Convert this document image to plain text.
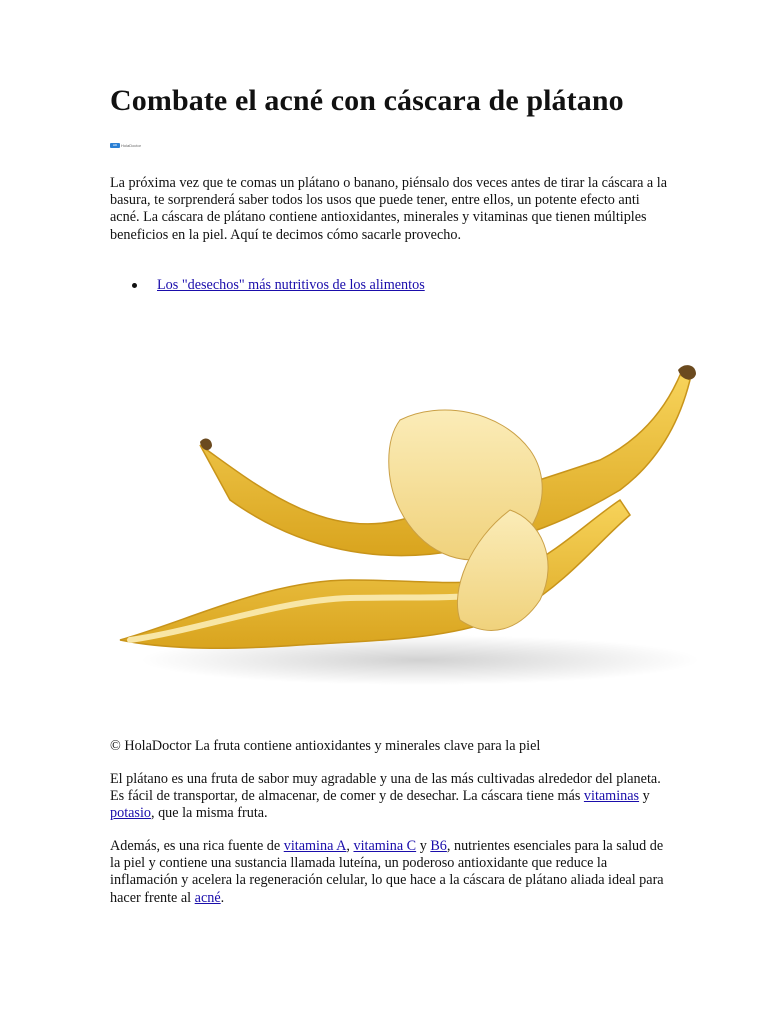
Combate el acné con cáscara de plátano
HD HolaDoctor

La próxima vez que te comas un plátano o banano, piénsalo dos veces antes de tirar la cáscara a la basura, te sorprenderá saber todos los usos que puede tener, entre ellos, un potente efecto anti acné. La cáscara de plátano contiene antioxidantes, minerales y vitaminas que tienen múltiples beneficios en la piel. Aquí te decimos cómo sacarle provecho.

Los "desechos" más nutritivos de los alimentos

© HolaDoctor La fruta contiene antioxidantes y minerales clave para la piel

El plátano es una fruta de sabor muy agradable y una de las más cultivadas alrededor del planeta. Es fácil de transportar, de almacenar, de comer y de desechar. La cáscara tiene más vitaminas y potasio, que la misma fruta.

Además, es una rica fuente de vitamina A, vitamina C y B6, nutrientes esenciales para la salud de la piel y contiene una sustancia llamada luteína, un poderoso antioxidante que reduce la inflamación y acelera la regeneración celular, lo que hace a la cáscara de plátano aliada ideal para hacer frente al acné.
